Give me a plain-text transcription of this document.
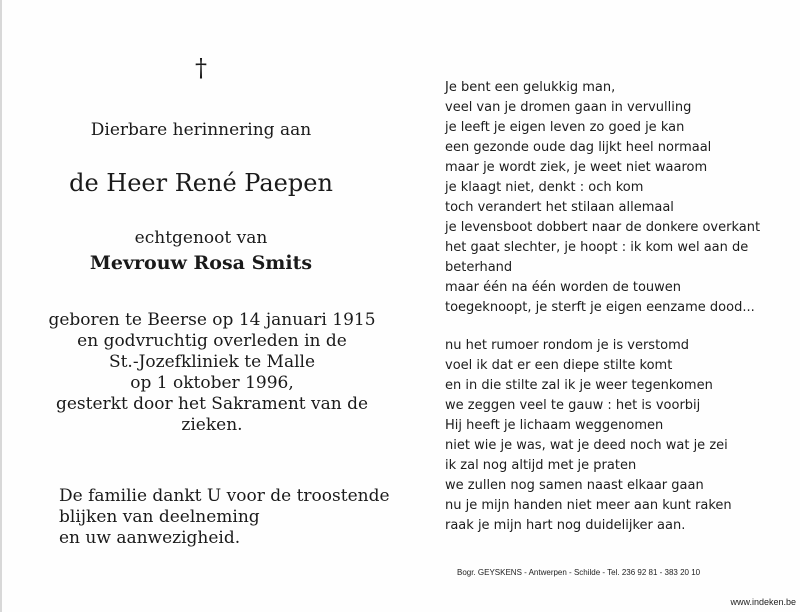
†
Dierbare herinnering aan
de Heer René Paepen
echtgenoot van
Mevrouw Rosa Smits
geboren te Beerse op 14 januari 1915
en godvruchtig overleden in de
St.-Jozefkliniek te Malle
op 1 oktober 1996,
gesterkt door het Sakrament van de
zieken.
De familie dankt U voor de troostende
blijken van deelneming
en uw aanwezigheid.
Je bent een gelukkig man,
veel van je dromen gaan in vervulling
je leeft je eigen leven zo goed je kan
een gezonde oude dag lijkt heel normaal
maar je wordt ziek, je weet niet waarom
je klaagt niet, denkt : och kom
toch verandert het stilaan allemaal
je levensboot dobbert naar de donkere overkant
het gaat slechter, je hoopt : ik kom wel aan de
beterhand
maar één na één worden de touwen
toegeknoopt, je sterft je eigen eenzame dood...
nu het rumoer rondom je is verstomd
voel ik dat er een diepe stilte komt
en in die stilte zal ik je weer tegenkomen
we zeggen veel te gauw : het is voorbij
Hij heeft je lichaam weggenomen
niet wie je was, wat je deed noch wat je zei
ik zal nog altijd met je praten
we zullen nog samen naast elkaar gaan
nu je mijn handen niet meer aan kunt raken
raak je mijn hart nog duidelijker aan.
Bogr. GEYSKENS - Antwerpen - Schilde - Tel. 236 92 81 - 383 20 10
www.indeken.be
